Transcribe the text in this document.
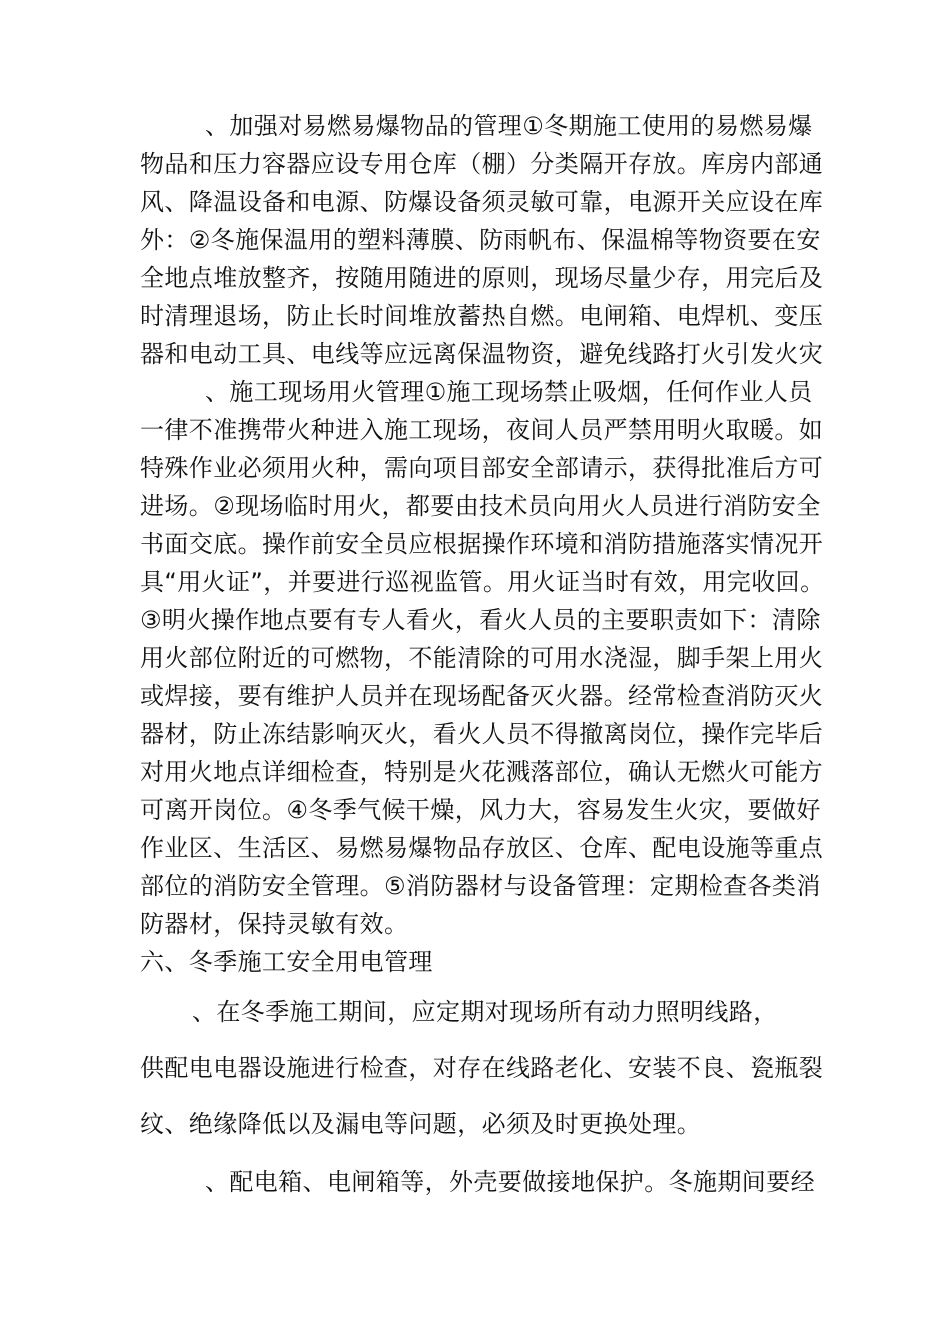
、加强对易燃易爆物品的管理①冬期施工使用的易燃易爆
物品和压力容器应设专用仓库（棚）分类隔开存放。库房内部通
风、降温设备和电源、防爆设备须灵敏可靠，电源开关应设在库
外：②冬施保温用的塑料薄膜、防雨帆布、保温棉等物资要在安
全地点堆放整齐，按随用随进的原则，现场尽量少存，用完后及
时清理退场，防止长时间堆放蓄热自燃。电闸箱、电焊机、变压
器和电动工具、电线等应远离保温物资，避免线路打火引发火灾
、施工现场用火管理①施工现场禁止吸烟，任何作业人员
一律不准携带火种进入施工现场，夜间人员严禁用明火取暖。如
特殊作业必须用火种，需向项目部安全部请示，获得批准后方可
进场。②现场临时用火，都要由技术员向用火人员进行消防安全
书面交底。操作前安全员应根据操作环境和消防措施落实情况开
具“用火证”，并要进行巡视监管。用火证当时有效，用完收回。
③明火操作地点要有专人看火，看火人员的主要职责如下：清除
用火部位附近的可燃物，不能清除的可用水浇湿，脚手架上用火
或焊接，要有维护人员并在现场配备灭火器。经常检查消防灭火
器材，防止冻结影响灭火，看火人员不得撤离岗位，操作完毕后
对用火地点详细检查，特别是火花溅落部位，确认无燃火可能方
可离开岗位。④冬季气候干燥，风力大，容易发生火灾，要做好
作业区、生活区、易燃易爆物品存放区、仓库、配电设施等重点
部位的消防安全管理。⑤消防器材与设备管理：定期检查各类消
防器材，保持灵敏有效。
六、冬季施工安全用电管理
、在冬季施工期间，应定期对现场所有动力照明线路，
供配电电器设施进行检查，对存在线路老化、安装不良、瓷瓶裂
纹、绝缘降低以及漏电等问题，必须及时更换处理。
、配电箱、电闸箱等，外壳要做接地保护。冬施期间要经
